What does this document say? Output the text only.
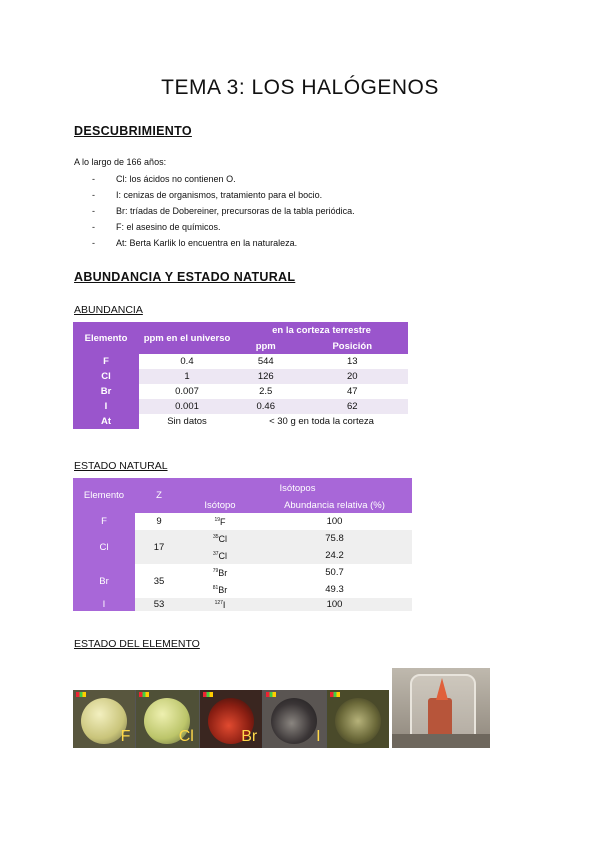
TEMA 3: LOS HALÓGENOS
DESCUBRIMIENTO
A lo largo de 166 años:
- Cl: los ácidos no contienen O.
- I: cenizas de organismos, tratamiento para el bocio.
- Br: tríadas de Dobereiner, precursoras de la tabla periódica.
- F: el asesino de químicos.
- At: Berta Karlik lo encuentra en la naturaleza.
ABUNDANCIA Y ESTADO NATURAL
ABUNDANCIA
Elemento	ppm en el universo	en la corteza terrestre	
		ppm	Posición
F	0.4	544	13
Cl	1	126	20
Br	0.007	2.5	47
I	0.001	0.46	62
At	Sin datos	< 30 g en toda la corteza	
ESTADO NATURAL
Elemento	Z	Isótopos	
		Isótopo	Abundancia relativa (%)
F	9	$^{19}$F	100
Cl	17	$^{35}$Cl	75.8
		$^{37}$Cl	24.2
Br	35	$^{79}$Br	50.7
		$^{81}$Br	49.3
I	53	$^{127}$I	100
ESTADO DEL ELEMENTO
F	Cl	Br	I
